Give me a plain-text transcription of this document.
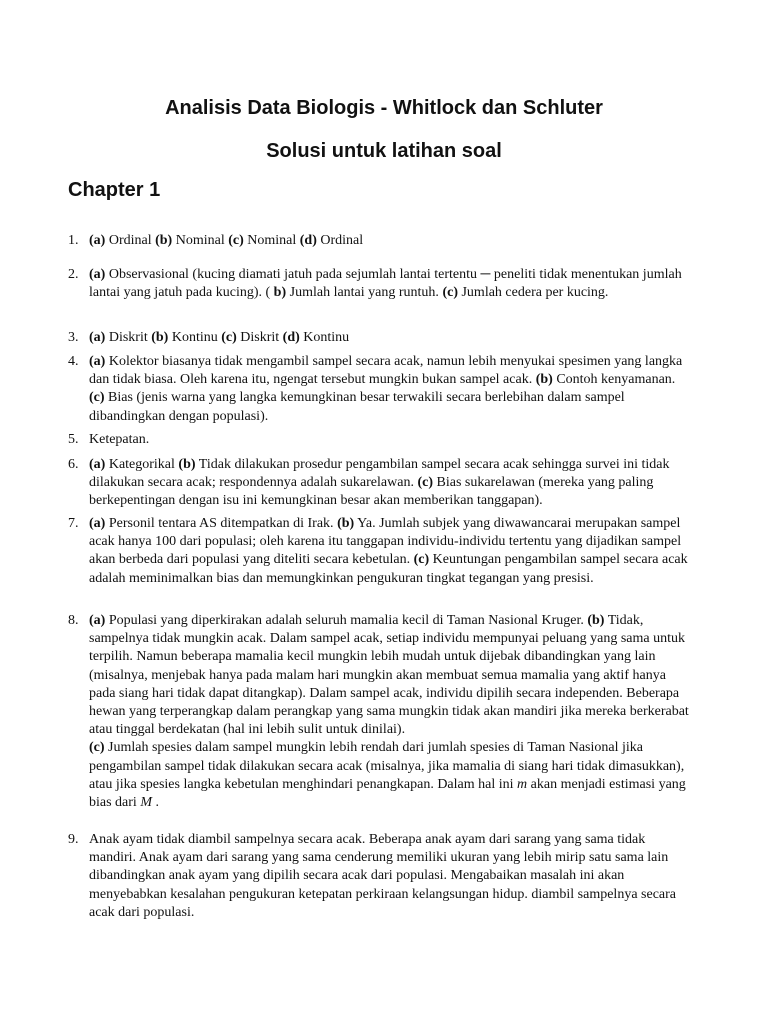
Analisis Data Biologis - Whitlock dan Schluter
Solusi untuk latihan soal
Chapter 1
1. (a) Ordinal (b) Nominal (c) Nominal (d) Ordinal

2. (a) Observasional (kucing diamati jatuh pada sejumlah lantai tertentu ─ peneliti tidak menentukan jumlah lantai yang jatuh pada kucing). ( b) Jumlah lantai yang runtuh. (c) Jumlah cedera per kucing.

3. (a) Diskrit (b) Kontinu (c) Diskrit (d) Kontinu

4. (a) Kolektor biasanya tidak mengambil sampel secara acak, namun lebih menyukai spesimen yang langka dan tidak biasa. Oleh karena itu, ngengat tersebut mungkin bukan sampel acak. (b) Contoh kenyamanan. (c) Bias (jenis warna yang langka kemungkinan besar terwakili secara berlebihan dalam sampel dibandingkan dengan populasi).

5. Ketepatan.

6. (a) Kategorikal (b) Tidak dilakukan prosedur pengambilan sampel secara acak sehingga survei ini tidak dilakukan secara acak; respondennya adalah sukarelawan. (c) Bias sukarelawan (mereka yang paling berkepentingan dengan isu ini kemungkinan besar akan memberikan tanggapan).

7. (a) Personil tentara AS ditempatkan di Irak. (b) Ya. Jumlah subjek yang diwawancarai merupakan sampel acak hanya 100 dari populasi; oleh karena itu tanggapan individu-individu tertentu yang dijadikan sampel akan berbeda dari populasi yang diteliti secara kebetulan. (c) Keuntungan pengambilan sampel secara acak adalah meminimalkan bias dan memungkinkan pengukuran tingkat tegangan yang presisi.

8. (a) Populasi yang diperkirakan adalah seluruh mamalia kecil di Taman Nasional Kruger. (b) Tidak, sampelnya tidak mungkin acak. Dalam sampel acak, setiap individu mempunyai peluang yang sama untuk terpilih. Namun beberapa mamalia kecil mungkin lebih mudah untuk dijebak dibandingkan yang lain (misalnya, menjebak hanya pada malam hari mungkin akan membuat semua mamalia yang aktif hanya pada siang hari tidak dapat ditangkap). Dalam sampel acak, individu dipilih secara independen. Beberapa hewan yang terperangkap dalam perangkap yang sama mungkin tidak akan mandiri jika mereka berkerabat atau tinggal berdekatan (hal ini lebih sulit untuk dinilai).

(c) Jumlah spesies dalam sampel mungkin lebih rendah dari jumlah spesies di Taman Nasional jika pengambilan sampel tidak dilakukan secara acak (misalnya, jika mamalia di siang hari tidak dimasukkan), atau jika spesies langka kebetulan menghindari penangkapan. Dalam hal ini m akan menjadi estimasi yang bias dari M .

9. Anak ayam tidak diambil sampelnya secara acak. Beberapa anak ayam dari sarang yang sama tidak mandiri. Anak ayam dari sarang yang sama cenderung memiliki ukuran yang lebih mirip satu sama lain dibandingkan anak ayam yang dipilih secara acak dari populasi. Mengabaikan masalah ini akan menyebabkan kesalahan pengukuran ketepatan perkiraan kelangsungan hidup. diambil sampelnya secara acak dari populasi.
